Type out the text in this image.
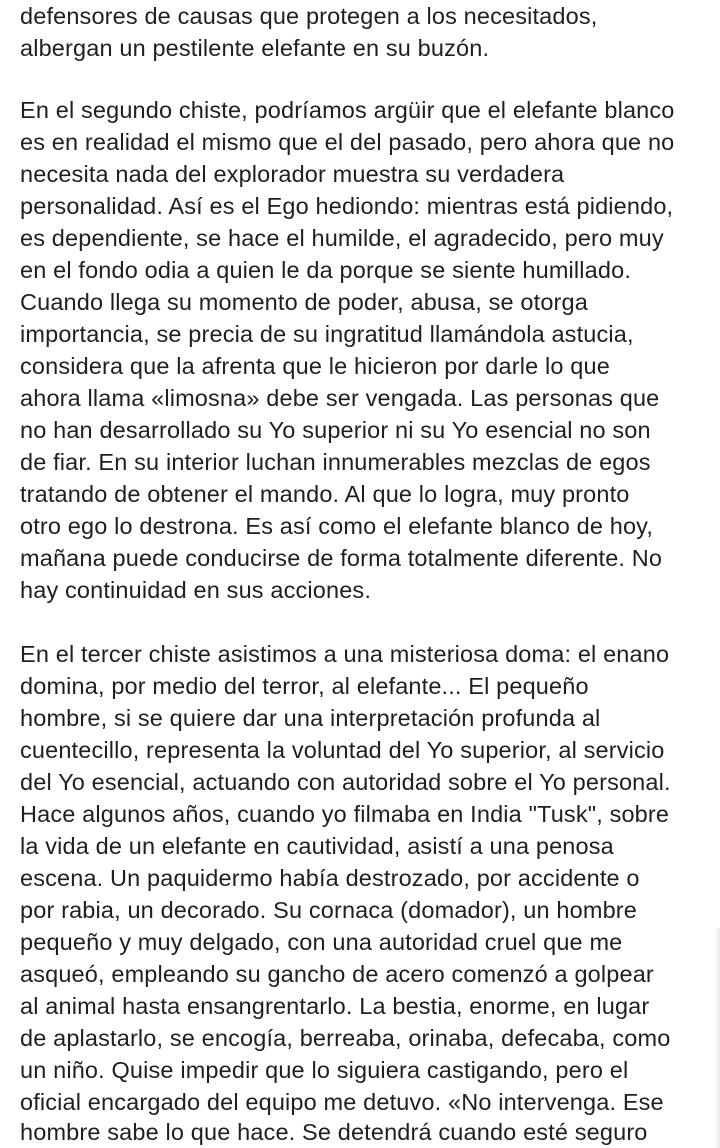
defensores de causas que protegen a los necesitados,
albergan un pestilente elefante en su buzón.
En el segundo chiste, podríamos argüir que el elefante blanco
es en realidad el mismo que el del pasado, pero ahora que no
necesita nada del explorador muestra su verdadera
personalidad. Así es el Ego hediondo: mientras está pidiendo,
es dependiente, se hace el humilde, el agradecido, pero muy
en el fondo odia a quien le da porque se siente humillado.
Cuando llega su momento de poder, abusa, se otorga
importancia, se precia de su ingratitud llamándola astucia,
considera que la afrenta que le hicieron por darle lo que
ahora llama «limosna» debe ser vengada. Las personas que
no han desarrollado su Yo superior ni su Yo esencial no son
de fiar. En su interior luchan innumerables mezclas de egos
tratando de obtener el mando. Al que lo logra, muy pronto
otro ego lo destrona. Es así como el elefante blanco de hoy,
mañana puede conducirse de forma totalmente diferente. No
hay continuidad en sus acciones.
En el tercer chiste asistimos a una misteriosa doma: el enano
domina, por medio del terror, al elefante... El pequeño
hombre, si se quiere dar una interpretación profunda al
cuentecillo, representa la voluntad del Yo superior, al servicio
del Yo esencial, actuando con autoridad sobre el Yo personal.
Hace algunos años, cuando yo filmaba en India "Tusk", sobre
la vida de un elefante en cautividad, asistí a una penosa
escena. Un paquidermo había destrozado, por accidente o
por rabia, un decorado. Su cornaca (domador), un hombre
pequeño y muy delgado, con una autoridad cruel que me
asqueó, empleando su gancho de acero comenzó a golpear
al animal hasta ensangrentarlo. La bestia, enorme, en lugar
de aplastarlo, se encogía, berreaba, orinaba, defecaba, como
un niño. Quise impedir que lo siguiera castigando, pero el
oficial encargado del equipo me detuvo. «No intervenga. Ese
hombre sabe lo que hace. Se detendrá cuando esté seguro
